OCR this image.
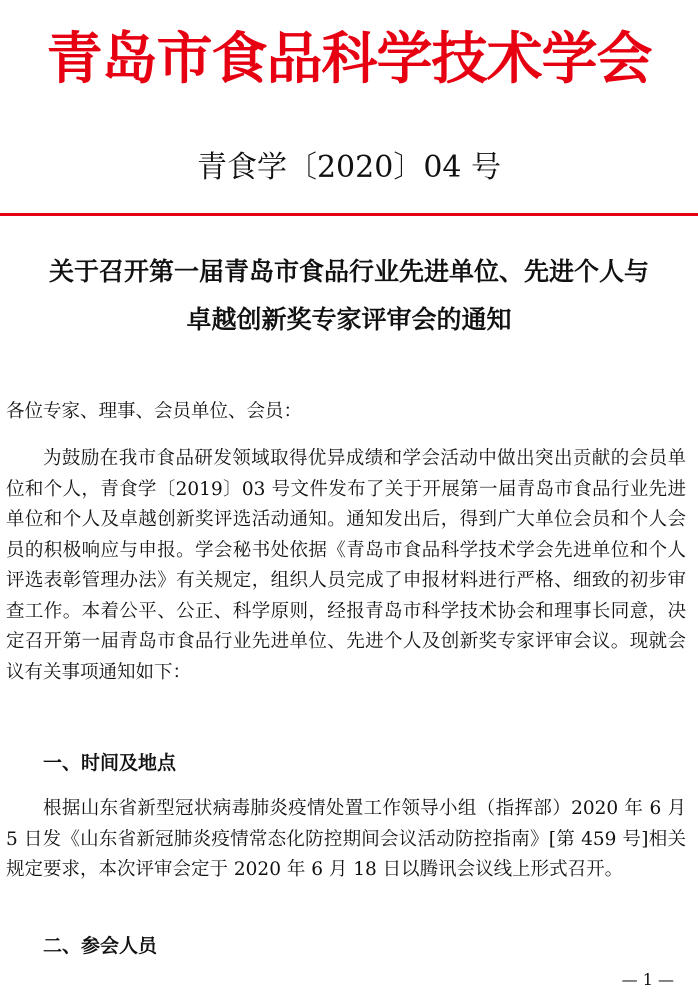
青岛市食品科学技术学会
青食学〔2020〕04 号
关于召开第一届青岛市食品行业先进单位、先进个人与
卓越创新奖专家评审会的通知
各位专家、理事、会员单位、会员：
为鼓励在我市食品研发领域取得优异成绩和学会活动中做出突出贡献的会员单位和个人，青食学〔2019〕03 号文件发布了关于开展第一届青岛市食品行业先进单位和个人及卓越创新奖评选活动通知。通知发出后，得到广大单位会员和个人会员的积极响应与申报。学会秘书处依据《青岛市食品科学技术学会先进单位和个人评选表彰管理办法》有关规定，组织人员完成了申报材料进行严格、细致的初步审查工作。本着公平、公正、科学原则，经报青岛市科学技术协会和理事长同意，决定召开第一届青岛市食品行业先进单位、先进个人及创新奖专家评审会议。现就会议有关事项通知如下：
一、时间及地点
根据山东省新型冠状病毒肺炎疫情处置工作领导小组（指挥部）2020 年 6 月 5 日发《山东省新冠肺炎疫情常态化防控期间会议活动防控指南》[第 459 号]相关规定要求，本次评审会定于 2020 年 6 月 18 日以腾讯会议线上形式召开。
二、参会人员
— 1 —
